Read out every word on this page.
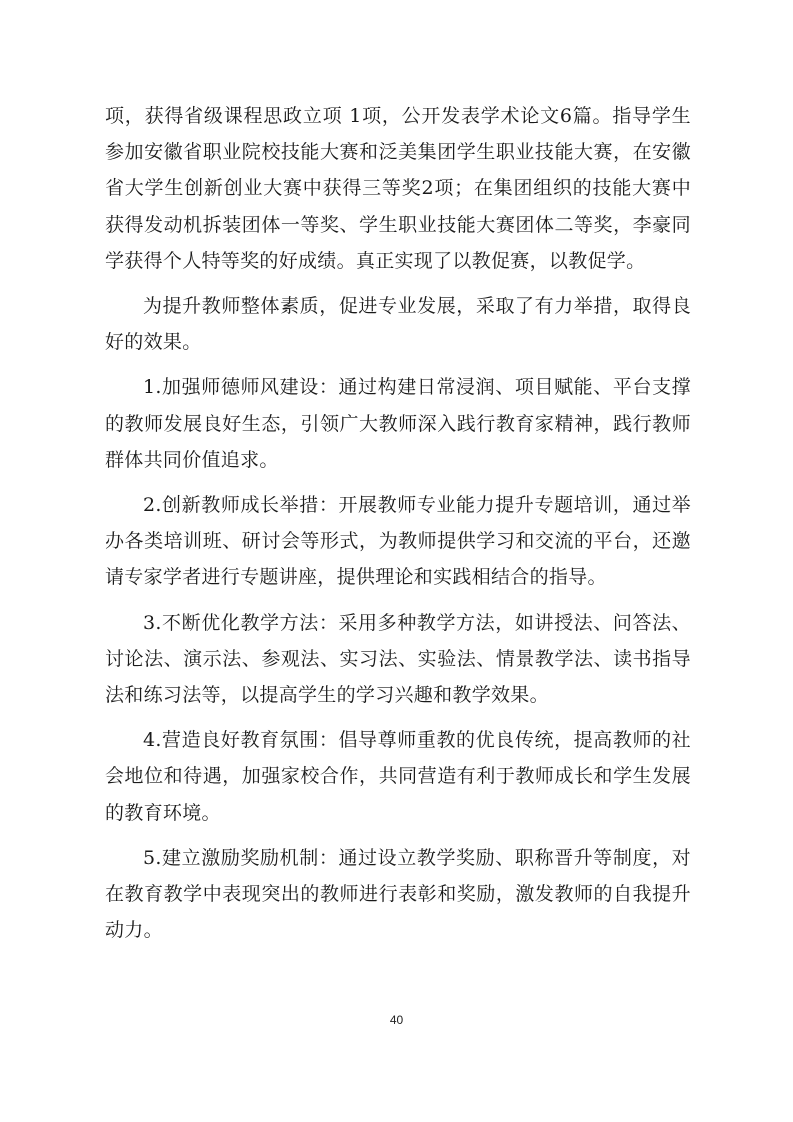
项，获得省级课程思政立项 1项，公开发表学术论文6篇。指导学生参加安徽省职业院校技能大赛和泛美集团学生职业技能大赛，在安徽省大学生创新创业大赛中获得三等奖2项；在集团组织的技能大赛中获得发动机拆装团体一等奖、学生职业技能大赛团体二等奖，李豪同学获得个人特等奖的好成绩。真正实现了以教促赛，以教促学。

为提升教师整体素质，促进专业发展，采取了有力举措，取得良好的效果。

1.加强师德师风建设：通过构建日常浸润、项目赋能、平台支撑的教师发展良好生态，引领广大教师深入践行教育家精神，践行教师群体共同价值追求。

2.创新教师成长举措：开展教师专业能力提升专题培训，通过举办各类培训班、研讨会等形式，为教师提供学习和交流的平台，还邀请专家学者进行专题讲座，提供理论和实践相结合的指导。

3.不断优化教学方法：采用多种教学方法，如讲授法、问答法、讨论法、演示法、参观法、实习法、实验法、情景教学法、读书指导法和练习法等，以提高学生的学习兴趣和教学效果。

4.营造良好教育氛围：倡导尊师重教的优良传统，提高教师的社会地位和待遇，加强家校合作，共同营造有利于教师成长和学生发展的教育环境。

5.建立激励奖励机制：通过设立教学奖励、职称晋升等制度，对在教育教学中表现突出的教师进行表彰和奖励，激发教师的自我提升动力。

40
